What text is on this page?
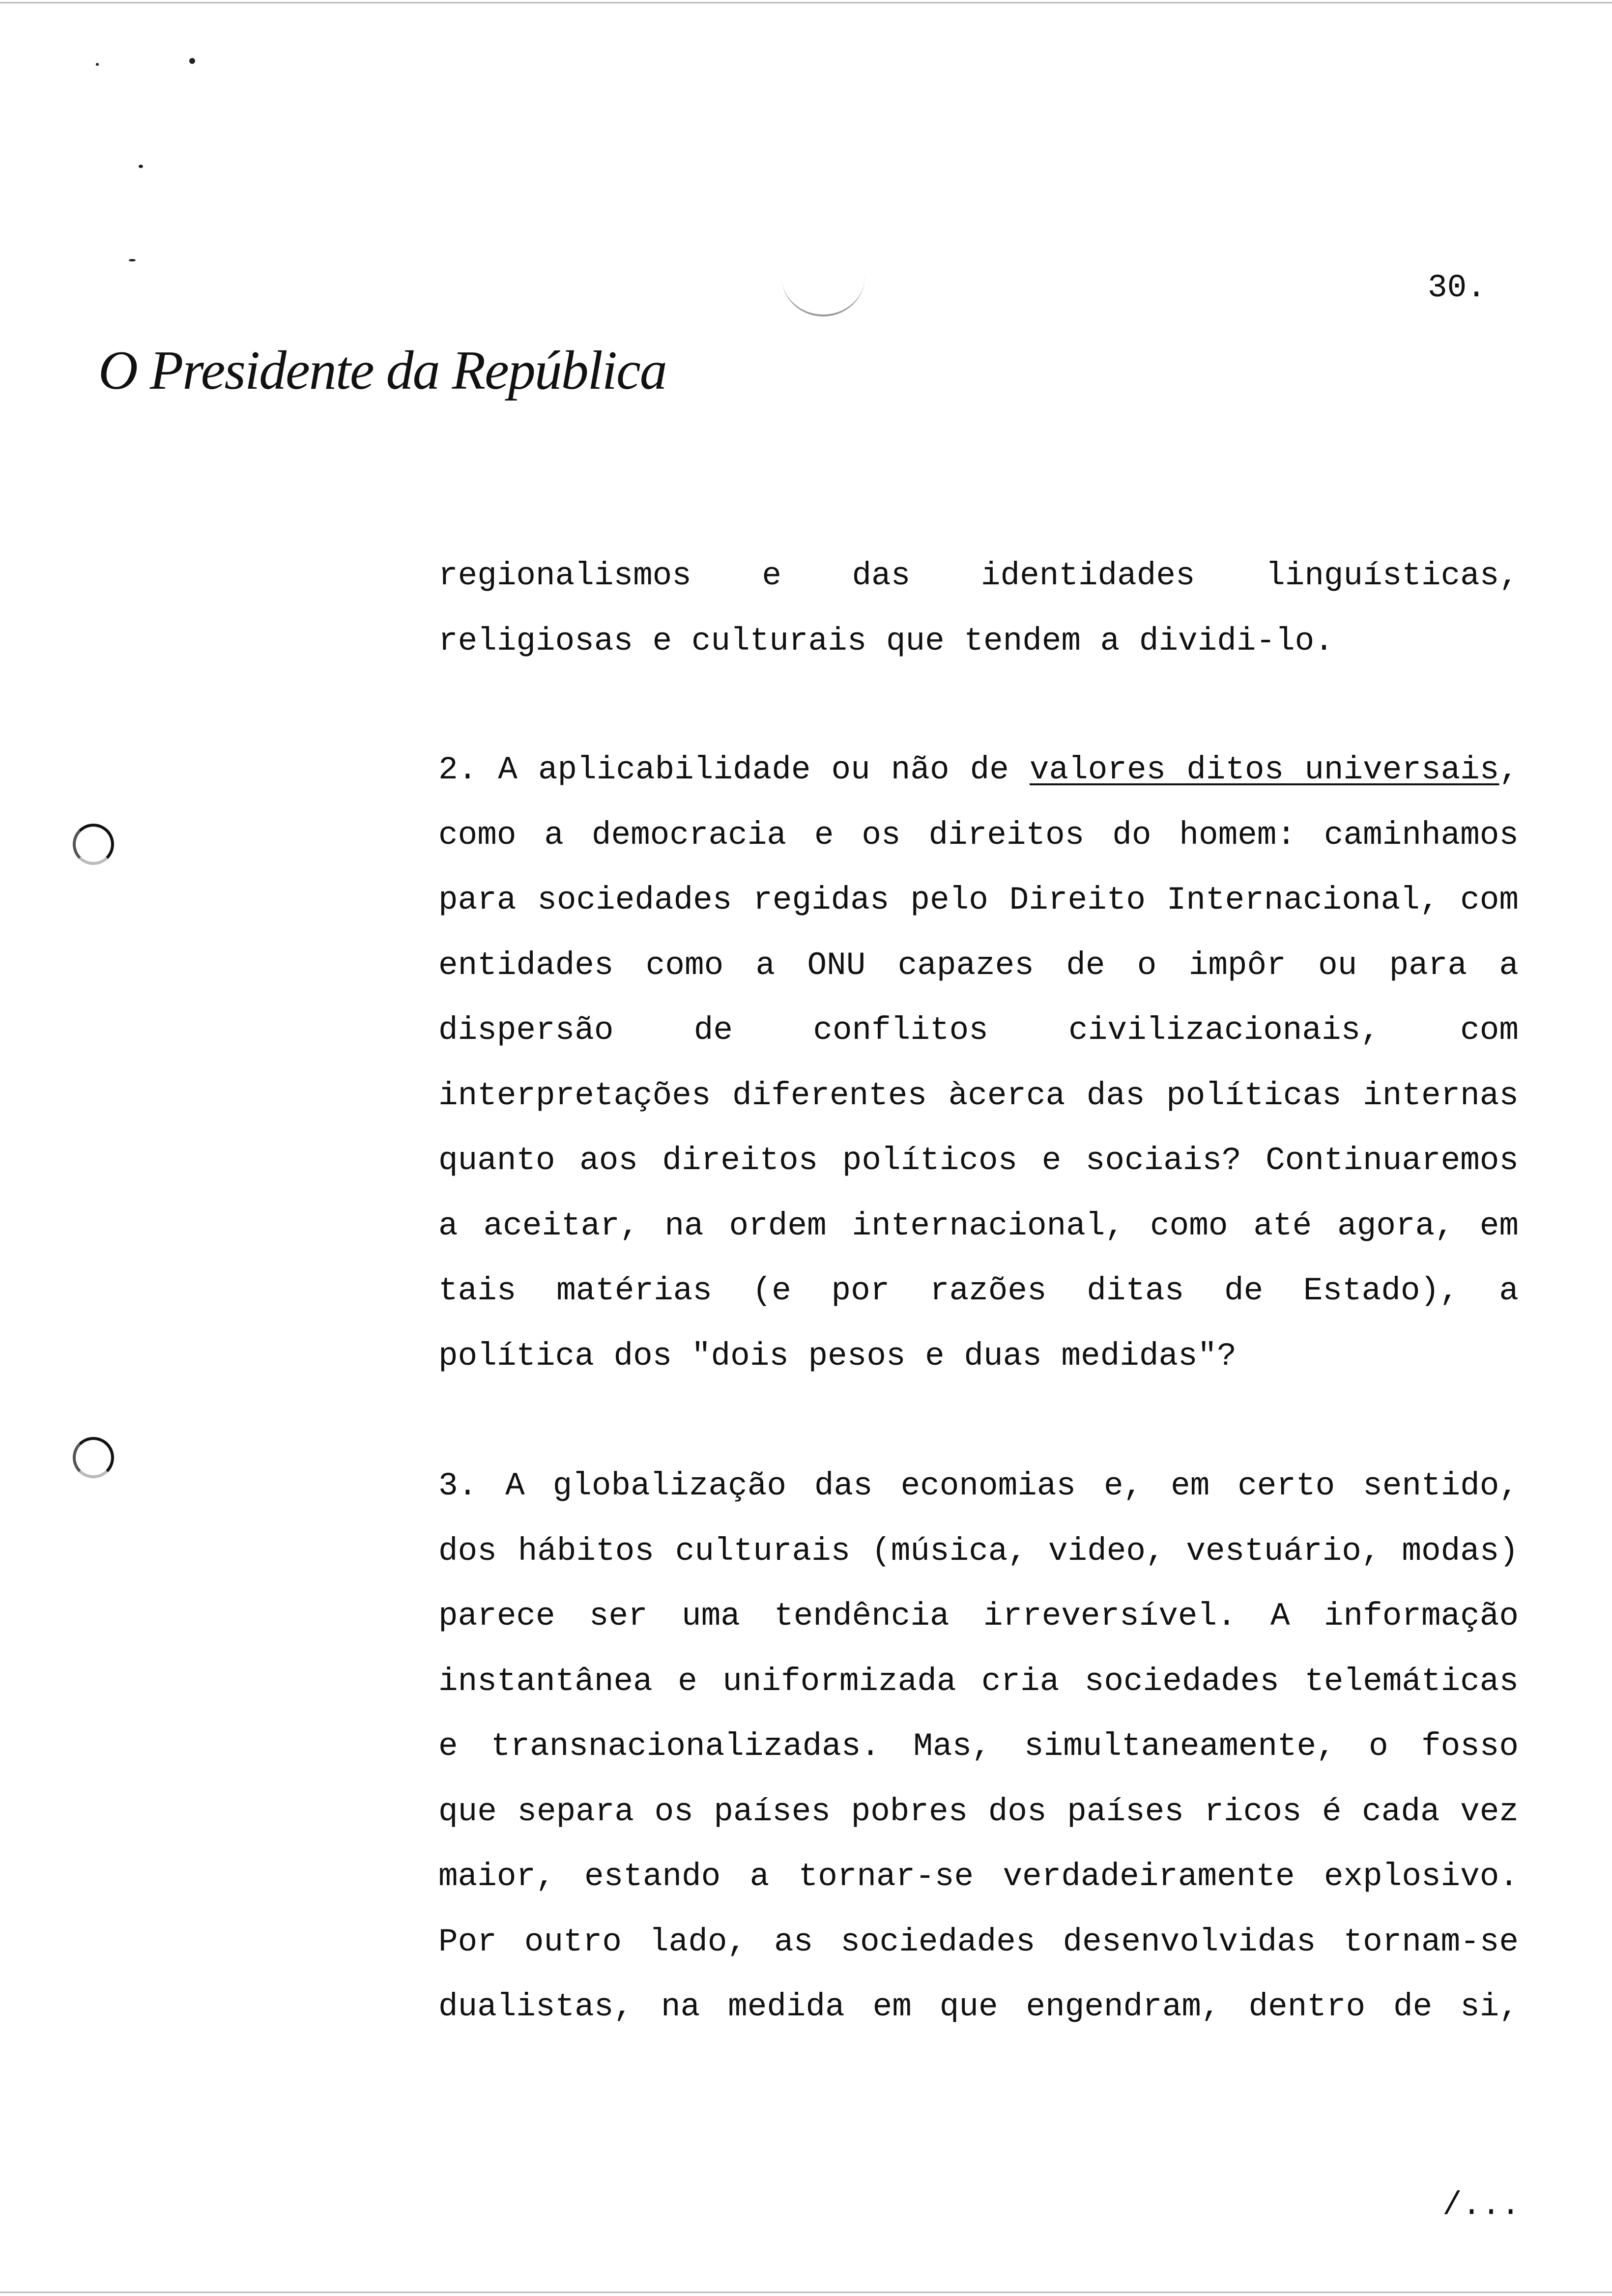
O Presidente da República
30.
regionalismos e das identidades linguísticas,
religiosas e culturais que tendem a dividi-lo.
2. A aplicabilidade ou não de valores ditos universais,
como a democracia e os direitos do homem: caminhamos
para sociedades regidas pelo Direito Internacional, com
entidades como a ONU capazes de o impôr ou para a
dispersão de conflitos civilizacionais, com
interpretações diferentes àcerca das políticas internas
quanto aos direitos políticos e sociais? Continuaremos
a aceitar, na ordem internacional, como até agora, em
tais matérias (e por razões ditas de Estado), a
política dos "dois pesos e duas medidas"?
3. A globalização das economias e, em certo sentido,
dos hábitos culturais (música, video, vestuário, modas)
parece ser uma tendência irreversível. A informação
instantânea e uniformizada cria sociedades telemáticas
e transnacionalizadas. Mas, simultaneamente, o fosso
que separa os países pobres dos países ricos é cada vez
maior, estando a tornar-se verdadeiramente explosivo.
Por outro lado, as sociedades desenvolvidas tornam-se
dualistas, na medida em que engendram, dentro de si,
/...
